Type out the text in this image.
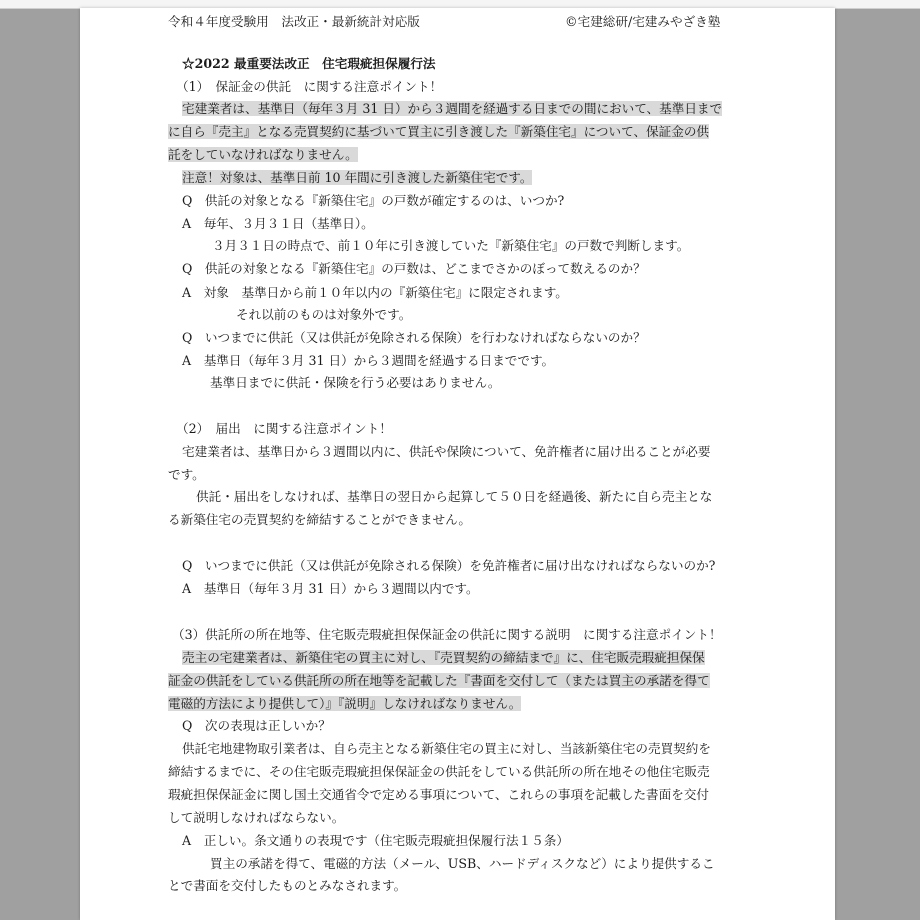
令和４年度受験用　法改正・最新統計対応版	©宅建総研/宅建みやざき塾
☆2022 最重要法改正　住宅瑕疵担保履行法
（1）　保証金の供託　に関する注意ポイント！
宅建業者は、基準日（毎年３月 31 日）から３週間を経過する日までの間において、基準日まで
に自ら『売主』となる売買契約に基づいて買主に引き渡した『新築住宅』について、保証金の供
託をしていなければなりません。
注意！対象は、基準日前 10 年間に引き渡した新築住宅です。
Q　供託の対象となる『新築住宅』の戸数が確定するのは、いつか?
A　毎年、３月３１日（基準日）。
３月３１日の時点で、前１０年に引き渡していた『新築住宅』の戸数で判断します。
Q　供託の対象となる『新築住宅』の戸数は、どこまでさかのぼって数えるのか？
A　対象　基準日から前１０年以内の『新築住宅』に限定されます。
それ以前のものは対象外です。
Q　いつまでに供託（又は供託が免除される保険）を行わなければならないのか？
A　基準日（毎年３月 31 日）から３週間を経過する日までです。
基準日までに供託・保険を行う必要はありません。
（2）　届出　に関する注意ポイント！
宅建業者は、基準日から３週間以内に、供託や保険について、免許権者に届け出ることが必要
です。
供託・届出をしなければ、基準日の翌日から起算して５０日を経過後、新たに自ら売主とな
る新築住宅の売買契約を締結することができません。
Q　いつまでに供託（又は供託が免除される保険）を免許権者に届け出なければならないのか?
A　基準日（毎年３月 31 日）から３週間以内です。
（3）供託所の所在地等、住宅販売瑕疵担保保証金の供託に関する説明　に関する注意ポイント！
売主の宅建業者は、新築住宅の買主に対し、『売買契約の締結まで』に、住宅販売瑕疵担保保
証金の供託をしている供託所の所在地等を記載した『書面を交付して（または買主の承諾を得て
電磁的方法により提供して）』『説明』しなければなりません。
Q　次の表現は正しいか？
供託宅地建物取引業者は、自ら売主となる新築住宅の買主に対し、当該新築住宅の売買契約を
締結するまでに、その住宅販売瑕疵担保保証金の供託をしている供託所の所在地その他住宅販売
瑕疵担保保証金に関し国土交通省令で定める事項について、これらの事項を記載した書面を交付
して説明しなければならない。
A　正しい。条文通りの表現です（住宅販売瑕疵担保履行法１５条）
買主の承諾を得て、電磁的方法（メール、USB、ハードディスクなど）により提供するこ
とで書面を交付したものとみなされます。
